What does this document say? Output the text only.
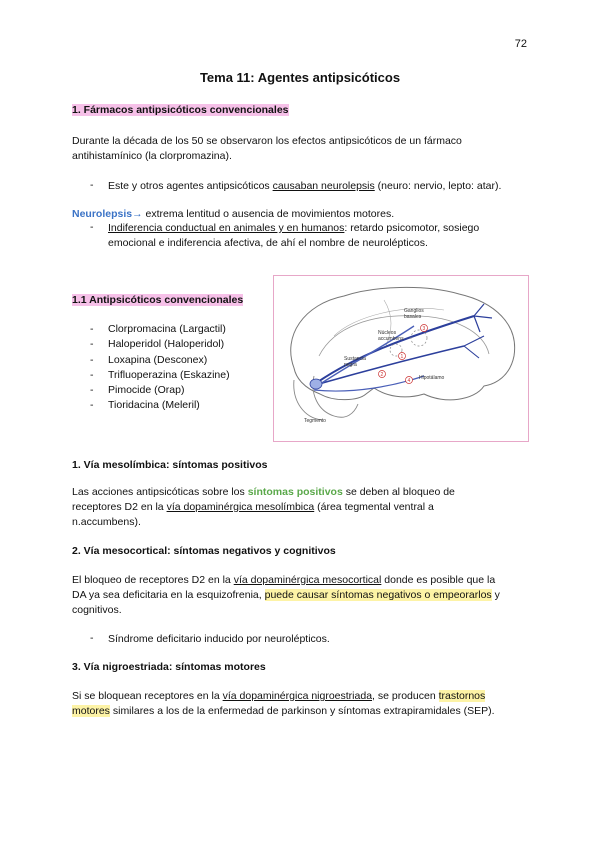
72
Tema 11: Agentes antipsicóticos
1. Fármacos antipsicóticos convencionales
Durante la década de los 50 se observaron los efectos antipsicóticos de un fármaco
antihistamínico (la clorpromazina).
- Este y otros agentes antipsicóticos causaban neurolepsis (neuro: nervio, lepto: atar).
Neurolepsis→ extrema lentitud o ausencia de movimientos motores.
- Indiferencia conductual en animales y en humanos: retardo psicomotor, sosiego
emocional e indiferencia afectiva, de ahí el nombre de neurolépticos.
1.1 Antipsicóticos convencionales
- Clorpromacina (Largactil)
- Haloperidol (Haloperidol)
- Loxapina (Desconex)
- Trifluoperazina (Eskazine)
- Pimocide (Orap)
- Tioridacina (Meleril)
Ganglios
basales
Núcleos
accumbens
Sustancia
negra
Hipotálamo
Tegmento
1
2
3
4
1. Vía mesolímbica: síntomas positivos
Las acciones antipsicóticas sobre los síntomas positivos se deben al bloqueo de
receptores D2 en la vía dopaminérgica mesolímbica (área tegmental ventral a
n.accumbens).
2. Vía mesocortical: síntomas negativos y cognitivos
El bloqueo de receptores D2 en la vía dopaminérgica mesocortical donde es posible que la
DA ya sea deficitaria en la esquizofrenia, puede causar síntomas negativos o empeorarlos y
cognitivos.
- Síndrome deficitario inducido por neurolépticos.
3. Vía nigroestriada: síntomas motores
Si se bloquean receptores en la vía dopaminérgica nigroestriada, se producen trastornos
motores similares a los de la enfermedad de parkinson y síntomas extrapiramidales (SEP).
